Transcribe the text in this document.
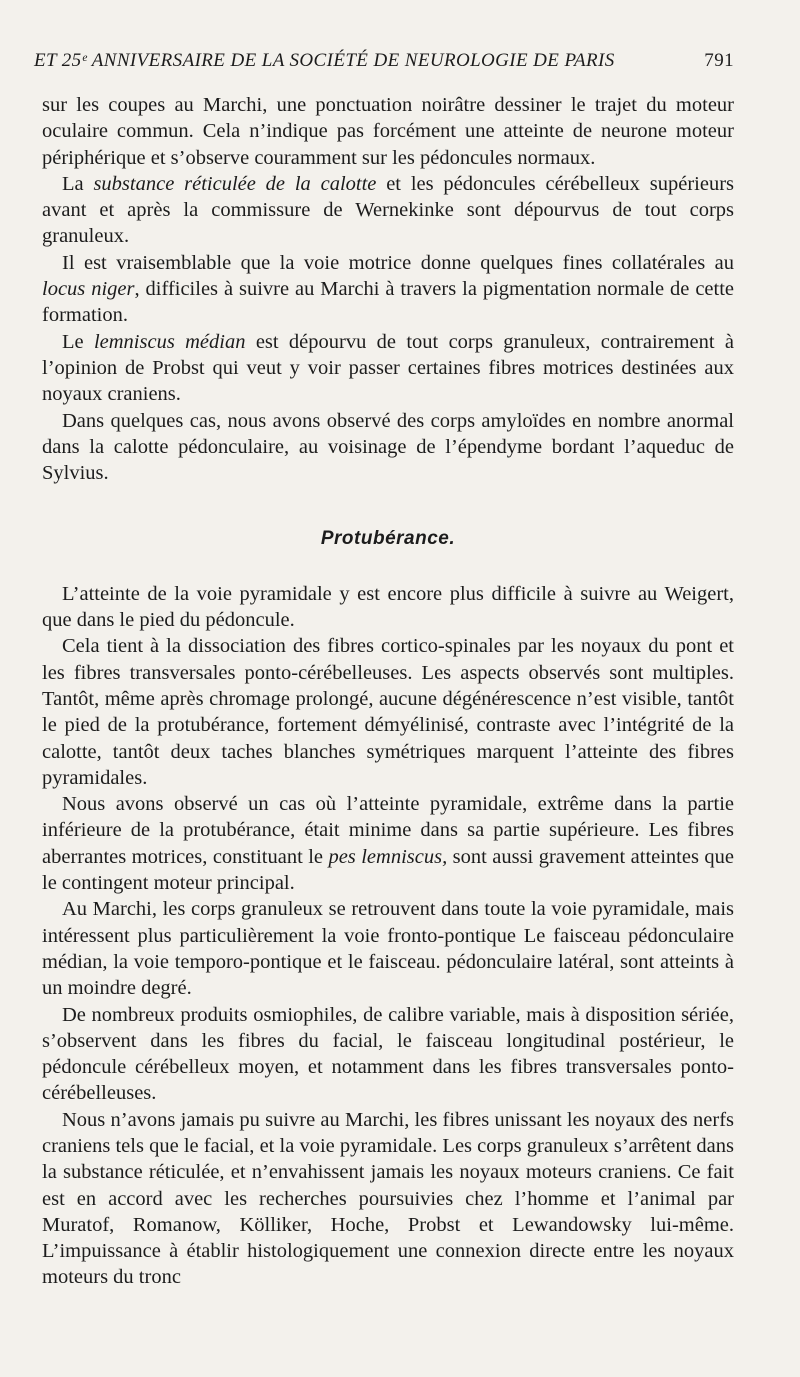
ET 25ᵉ ANNIVERSAIRE DE LA SOCIÉTÉ DE NEUROLOGIE DE PARIS	791

sur les coupes au Marchi, une ponctuation noirâtre dessiner le trajet du moteur oculaire commun. Cela n’indique pas forcément une atteinte de neurone moteur périphérique et s’observe couramment sur les pédoncules normaux.

La substance réticulée de la calotte et les pédoncules cérébelleux supérieurs avant et après la commissure de Wernekinke sont dépourvus de tout corps granuleux.

Il est vraisemblable que la voie motrice donne quelques fines collatérales au locus niger, difficiles à suivre au Marchi à travers la pigmentation normale de cette formation.

Le lemniscus médian est dépourvu de tout corps granuleux, contrairement à l’opinion de Probst qui veut y voir passer certaines fibres motrices destinées aux noyaux craniens.

Dans quelques cas, nous avons observé des corps amyloïdes en nombre anormal dans la calotte pédonculaire, au voisinage de l’épendyme bordant l’aqueduc de Sylvius.

Protubérance.

L’atteinte de la voie pyramidale y est encore plus difficile à suivre au Weigert, que dans le pied du pédoncule.

Cela tient à la dissociation des fibres cortico-spinales par les noyaux du pont et les fibres transversales ponto-cérébelleuses. Les aspects observés sont multiples. Tantôt, même après chromage prolongé, aucune dégénérescence n’est visible, tantôt le pied de la protubérance, fortement démyélinisé, contraste avec l’intégrité de la calotte, tantôt deux taches blanches symétriques marquent l’atteinte des fibres pyramidales.

Nous avons observé un cas où l’atteinte pyramidale, extrême dans la partie inférieure de la protubérance, était minime dans sa partie supérieure. Les fibres aberrantes motrices, constituant le pes lemniscus, sont aussi gravement atteintes que le contingent moteur principal.

Au Marchi, les corps granuleux se retrouvent dans toute la voie pyramidale, mais intéressent plus particulièrement la voie fronto-pontique Le faisceau pédonculaire médian, la voie temporo-pontique et le faisceau. pédonculaire latéral, sont atteints à un moindre degré.

De nombreux produits osmiophiles, de calibre variable, mais à disposition sériée, s’observent dans les fibres du facial, le faisceau longitudinal postérieur, le pédoncule cérébelleux moyen, et notamment dans les fibres transversales ponto-cérébelleuses.

Nous n’avons jamais pu suivre au Marchi, les fibres unissant les noyaux des nerfs craniens tels que le facial, et la voie pyramidale. Les corps granuleux s’arrêtent dans la substance réticulée, et n’envahissent jamais les noyaux moteurs craniens. Ce fait est en accord avec les recherches poursuivies chez l’homme et l’animal par Muratof, Romanow, Kölliker, Hoche, Probst et Lewandowsky lui-même. L’impuissance à établir histologiquement une connexion directe entre les noyaux moteurs du tronc
